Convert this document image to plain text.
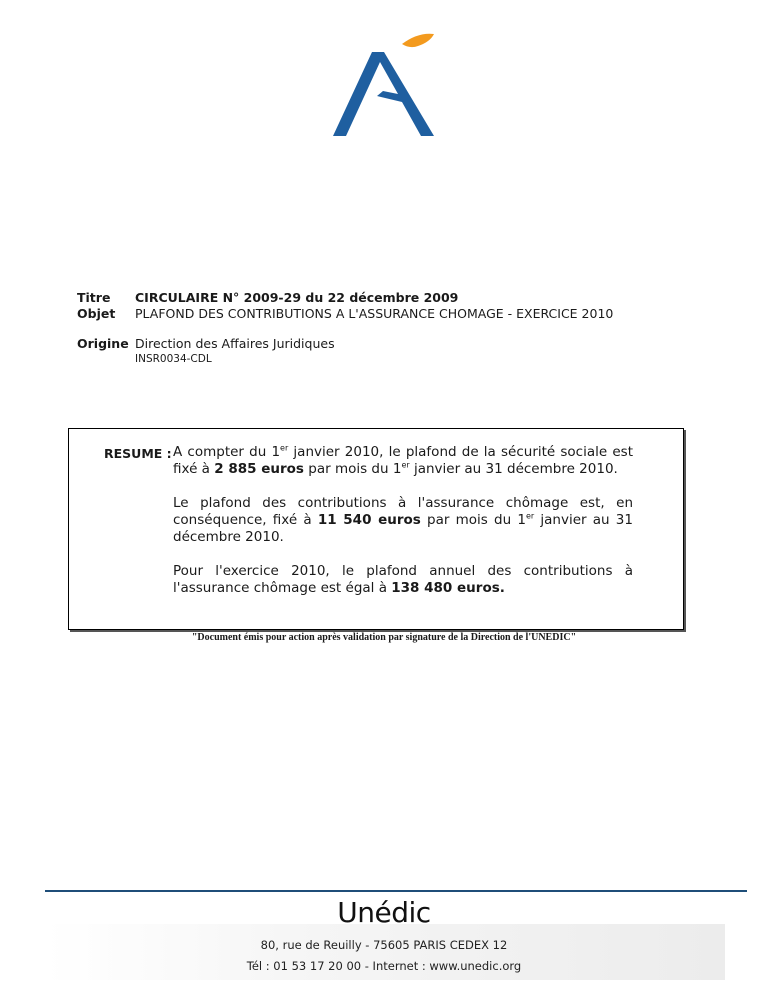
Titre CIRCULAIRE N° 2009-29 du 22 décembre 2009
Objet PLAFOND DES CONTRIBUTIONS A L'ASSURANCE CHOMAGE - EXERCICE 2010
Origine Direction des Affaires Juridiques
INSR0034-CDL
RESUME : A compter du 1er janvier 2010, le plafond de la sécurité sociale est fixé à 2 885 euros par mois du 1er janvier au 31 décembre 2010.

Le plafond des contributions à l'assurance chômage est, en conséquence, fixé à 11 540 euros par mois du 1er janvier au 31 décembre 2010.

Pour l'exercice 2010, le plafond annuel des contributions à l'assurance chômage est égal à 138 480 euros.

"Document émis pour action après validation par signature de la Direction de l'UNEDIC"
Unédic
80, rue de Reuilly - 75605 PARIS CEDEX 12
Tél : 01 53 17 20 00 - Internet : www.unedic.org
